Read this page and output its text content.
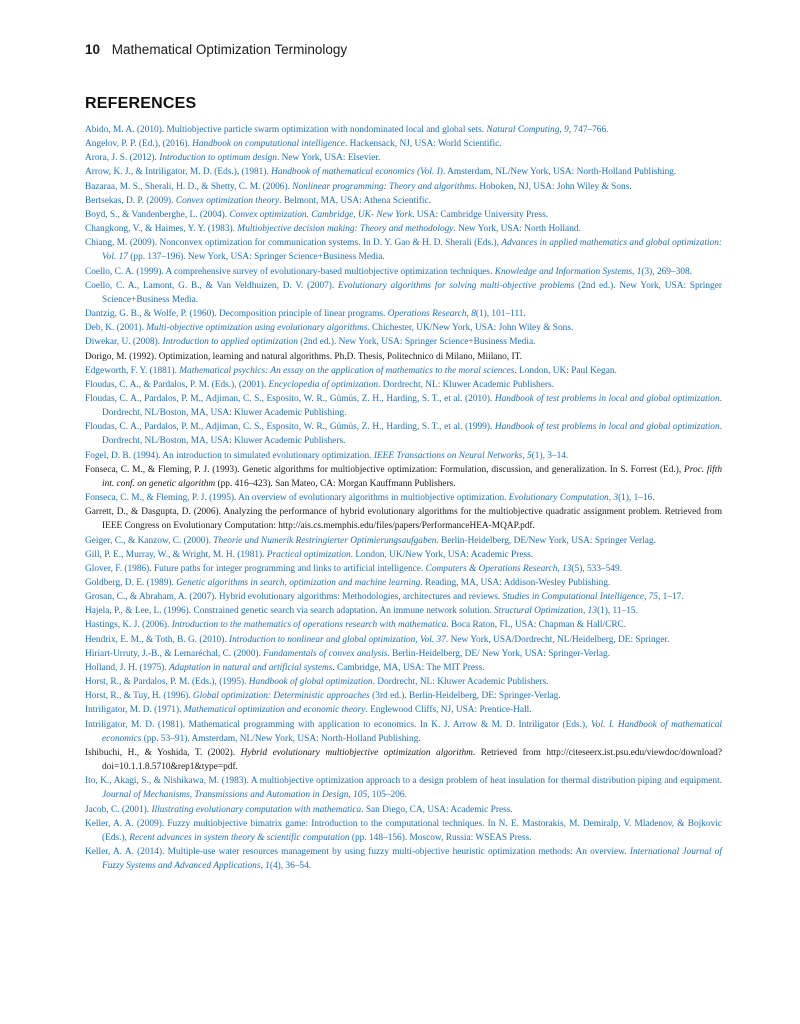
10 Mathematical Optimization Terminology
REFERENCES
Abido, M. A. (2010). Multiobjective particle swarm optimization with nondominated local and global sets. Natural Computing, 9, 747–766.
Angelov, P. P. (Ed.), (2016). Handbook on computational intelligence. Hackensack, NJ, USA: World Scientific.
Arora, J. S. (2012). Introduction to optimum design. New York, USA: Elsevier.
Arrow, K. J., & Intriligator, M. D. (Eds.), (1981). Handbook of mathematical economics (Vol. I). Amsterdam, NL/New York, USA: North-Holland Publishing.
Bazaraa, M. S., Sherali, H. D., & Shetty, C. M. (2006). Nonlinear programming: Theory and algorithms. Hoboken, NJ, USA: John Wiley & Sons.
Bertsekas, D. P. (2009). Convex optimization theory. Belmont, MA, USA: Athena Scientific.
Boyd, S., & Vandenberghe, L. (2004). Convex optimization. Cambridge, UK- New York. USA: Cambridge University Press.
Changkong, V., & Haimes, Y. Y. (1983). Multiobjective decision making: Theory and methodology. New York, USA: North Holland.
Chiang, M. (2009). Nonconvex optimization for communication systems. In D. Y. Gao & H. D. Sherali (Eds.), Advances in applied mathematics and global optimization: Vol. 17 (pp. 137–196). New York, USA: Springer Science+Business Media.
Coello, C. A. (1999). A comprehensive survey of evolutionary-based multiobjective optimization techniques. Knowledge and Information Systems, 1(3), 269–308.
Coello, C. A., Lamont, G. B., & Van Veldhuizen, D. V. (2007). Evolutionary algorithms for solving multi-objective problems (2nd ed.). New York, USA: Springer Science+Business Media.
Dantzig, G. B., & Wolfe, P. (1960). Decomposition principle of linear programs. Operations Research, 8(1), 101–111.
Deb, K. (2001). Multi-objective optimization using evolutionary algorithms. Chichester, UK/New York, USA: John Wiley & Sons.
Diwekar, U. (2008). Introduction to applied optimization (2nd ed.). New York, USA: Springer Science+Business Media.
Dorigo, M. (1992). Optimization, learning and natural algorithms. Ph.D. Thesis, Politechnico di Milano, Miilano, IT.
Edgeworth, F. Y. (1881). Mathematical psychics: An essay on the application of mathematics to the moral sciences. London, UK: Paul Kegan.
Floudas, C. A., & Pardalos, P. M. (Eds.), (2001). Encyclopedia of optimization. Dordrecht, NL: Kluwer Academic Publishers.
Floudas, C. A., Pardalos, P. M., Adjiman, C. S., Esposito, W. R., Gümüs, Z. H., Harding, S. T., et al. (2010). Handbook of test problems in local and global optimization. Dordrecht, NL/Boston, MA, USA: Kluwer Academic Publishing.
Floudas, C. A., Pardalos, P. M., Adjiman, C. S., Esposito, W. R., Gümüs, Z. H., Harding, S. T., et al. (1999). Handbook of test problems in local and global optimization. Dordrecht, NL/Boston, MA, USA: Kluwer Academic Publishers.
Fogel, D. B. (1994). An introduction to simulated evolutionary optimization. IEEE Transactions on Neural Networks, 5(1), 3–14.
Fonseca, C. M., & Fleming, P. J. (1993). Genetic algorithms for multiobjective optimization: Formulation, discussion, and generalization. In S. Forrest (Ed.), Proc. fifth int. conf. on genetic algorithm (pp. 416–423). San Mateo, CA: Morgan Kauffmann Publishers.
Fonseca, C. M., & Fleming, P. J. (1995). An overview of evolutionary algorithms in multiobjective optimization. Evolutionary Computation, 3(1), 1–16.
Garrett, D., & Dasgupta, D. (2006). Analyzing the performance of hybrid evolutionary algorithms for the multiobjective quadratic assignment problem. Retrieved from IEEE Congress on Evolutionary Computation: http://ais.cs.memphis.edu/files/papers/PerformanceHEA-MQAP.pdf.
Geiger, C., & Kanzow, C. (2000). Theorie und Numerik Restringierter Optimierungsaufgaben. Berlin-Heidelberg, DE/New York, USA: Springer Verlag.
Gill, P. E., Murray, W., & Wright, M. H. (1981). Practical optimization. London, UK/New York, USA: Academic Press.
Glover, F. (1986). Future paths for integer programming and links to artificial intelligence. Computers & Operations Research, 13(5), 533–549.
Goldberg, D. E. (1989). Genetic algorithms in search, optimization and machine learning. Reading, MA, USA: Addison-Wesley Publishing.
Grosan, C., & Abraham, A. (2007). Hybrid evolutionary algorithms: Methodologies, architectures and reviews. Studies in Computational Intelligence, 75, 1–17.
Hajela, P., & Lee, L. (1996). Constrained genetic search via search adaptation. An immune network solution. Structural Optimization, 13(1), 11–15.
Hastings, K. J. (2006). Introduction to the mathematics of operations research with mathematica. Boca Raton, FL, USA: Chapman & Hall/CRC.
Hendrix, E. M., & Toth, B. G. (2010). Introduction to nonlinear and global optimization, Vol. 37. New York, USA/Dordrecht, NL/Heidelberg, DE: Springer.
Hiriart-Urruty, J.-B., & Lemaréchal, C. (2000). Fundamentals of convex analysis. Berlin-Heidelberg, DE/ New York, USA: Springer-Verlag.
Holland, J. H. (1975). Adaptation in natural and artificial systems. Cambridge, MA, USA: The MIT Press.
Horst, R., & Pardalos, P. M. (Eds.), (1995). Handbook of global optimization. Dordrecht, NL: Kluwer Academic Publishers.
Horst, R., & Tuy, H. (1996). Global optimization: Deterministic approaches (3rd ed.). Berlin-Heidelberg, DE: Springer-Verlag.
Intriligator, M. D. (1971). Mathematical optimization and economic theory. Englewood Cliffs, NJ, USA: Prentice-Hall.
Intriligator, M. D. (1981). Mathematical programming with application to economics. In K. J. Arrow & M. D. Intriligator (Eds.), Vol. I. Handbook of mathematical economics (pp. 53–91). Amsterdam, NL/New York, USA: North-Holland Publishing.
Ishibuchi, H., & Yoshida, T. (2002). Hybrid evolutionary multiobjective optimization algorithm. Retrieved from http://citeseerx.ist.psu.edu/viewdoc/download?doi=10.1.1.8.5710&rep1&type=pdf.
Ito, K., Akagi, S., & Nishikawa, M. (1983). A multiobjective optimization approach to a design problem of heat insulation for thermal distribution piping and equipment. Journal of Mechanisms, Transmissions and Automation in Design, 105, 105–206.
Jacob, C. (2001). Illustrating evolutionary computation with mathematica. San Diego, CA, USA: Academic Press.
Keller, A. A. (2009). Fuzzy multiobjective bimatrix game: Introduction to the computational techniques. In N. E. Mastorakis, M. Demiralp, V. Mladenov, & Bojkovic (Eds.), Recent advances in system theory & scientific computation (pp. 148–156). Moscow, Russia: WSEAS Press.
Keller, A. A. (2014). Multiple-use water resources management by using fuzzy multi-objective heuristic optimization methods: An overview. International Journal of Fuzzy Systems and Advanced Applications, 1(4), 36–54.
